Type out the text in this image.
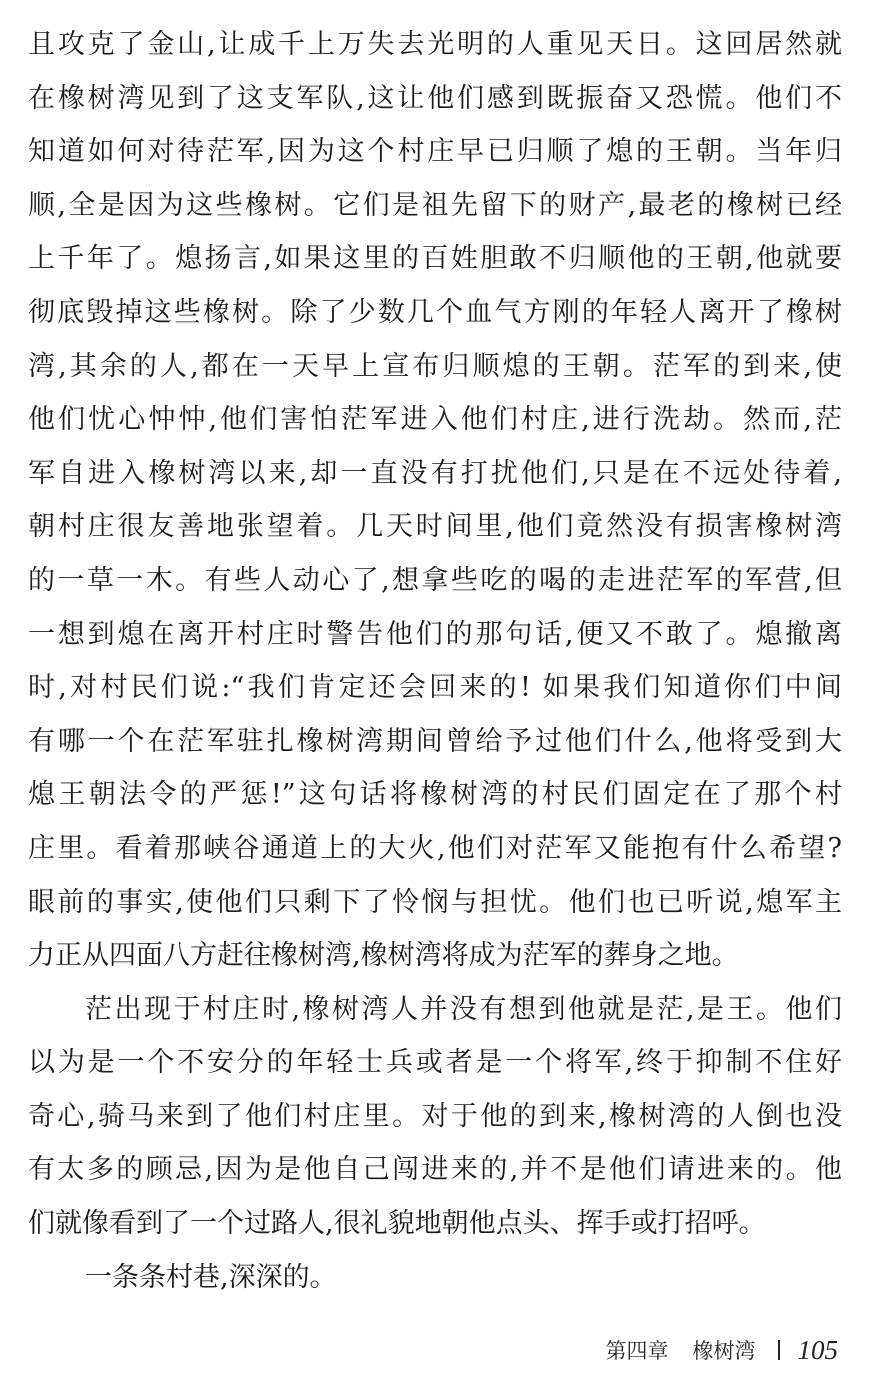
且攻克了金山,让成千上万失去光明的人重见天日。这回居然就
在橡树湾见到了这支军队,这让他们感到既振奋又恐慌。他们不
知道如何对待茫军,因为这个村庄早已归顺了熄的王朝。当年归
顺,全是因为这些橡树。它们是祖先留下的财产,最老的橡树已经
上千年了。熄扬言,如果这里的百姓胆敢不归顺他的王朝,他就要
彻底毁掉这些橡树。除了少数几个血气方刚的年轻人离开了橡树
湾,其余的人,都在一天早上宣布归顺熄的王朝。茫军的到来,使
他们忧心忡忡,他们害怕茫军进入他们村庄,进行洗劫。然而,茫
军自进入橡树湾以来,却一直没有打扰他们,只是在不远处待着,
朝村庄很友善地张望着。几天时间里,他们竟然没有损害橡树湾
的一草一木。有些人动心了,想拿些吃的喝的走进茫军的军营,但
一想到熄在离开村庄时警告他们的那句话,便又不敢了。熄撤离
时,对村民们说:“我们肯定还会回来的! 如果我们知道你们中间
有哪一个在茫军驻扎橡树湾期间曾给予过他们什么,他将受到大
熄王朝法令的严惩!”这句话将橡树湾的村民们固定在了那个村
庄里。看着那峡谷通道上的大火,他们对茫军又能抱有什么希望?
眼前的事实,使他们只剩下了怜悯与担忧。他们也已听说,熄军主
力正从四面八方赶往橡树湾,橡树湾将成为茫军的葬身之地。
茫出现于村庄时,橡树湾人并没有想到他就是茫,是王。他们
以为是一个不安分的年轻士兵或者是一个将军,终于抑制不住好
奇心,骑马来到了他们村庄里。对于他的到来,橡树湾的人倒也没
有太多的顾忌,因为是他自己闯进来的,并不是他们请进来的。他
们就像看到了一个过路人,很礼貌地朝他点头、挥手或打招呼。
一条条村巷,深深的。
第四章 橡树湾 105
